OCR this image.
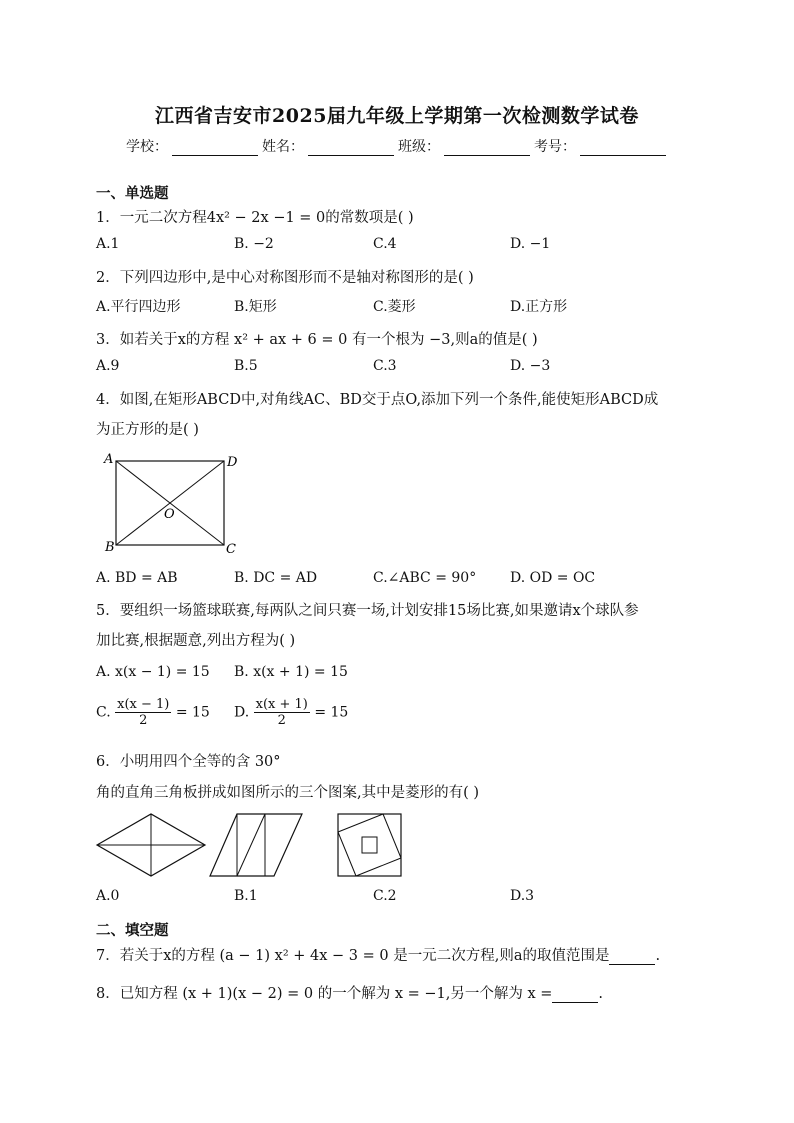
江西省吉安市2025届九年级上学期第一次检测数学试卷
学校：	姓名：	班级：	考号：
一、单选题
1．一元二次方程4x² − 2x −1 = 0的常数项是( )
A.1	B. −2	C.4	D. −1
2．下列四边形中,是中心对称图形而不是轴对称图形的是( )
A.平行四边形	B.矩形	C.菱形	D.正方形
3．如若关于x的方程 x² + ax + 6 = 0 有一个根为 −3,则a的值是( )
A.9	B.5	C.3	D. −3
4．如图,在矩形ABCD中,对角线AC、BD交于点O,添加下列一个条件,能使矩形ABCD成
为正方形的是( )
A	D
B	C
O
A. BD = AB	B. DC = AD	C.∠ABC = 90° D. OD = OC
5．要组织一场篮球联赛,每两队之间只赛一场,计划安排15场比赛,如果邀请x个球队参
加比赛,根据题意,列出方程为( )
A. x(x − 1) = 15 B. x(x + 1) = 15
C. $\frac{x(x - 1)}{2} = 15$ D. $\frac{x(x + 1)}{2} = 15$
6．小明用四个全等的含 30°
角的直角三角板拼成如图所示的三个图案,其中是菱形的有( )
A.0	B.1	C.2	D.3
二、填空题
7．若关于x的方程 (a − 1) x² + 4x − 3 = 0 是一元二次方程,则a的取值范围是	.
8．已知方程 (x + 1)(x − 2) = 0 的一个解为 x = −1,另一个解为 x =	.
